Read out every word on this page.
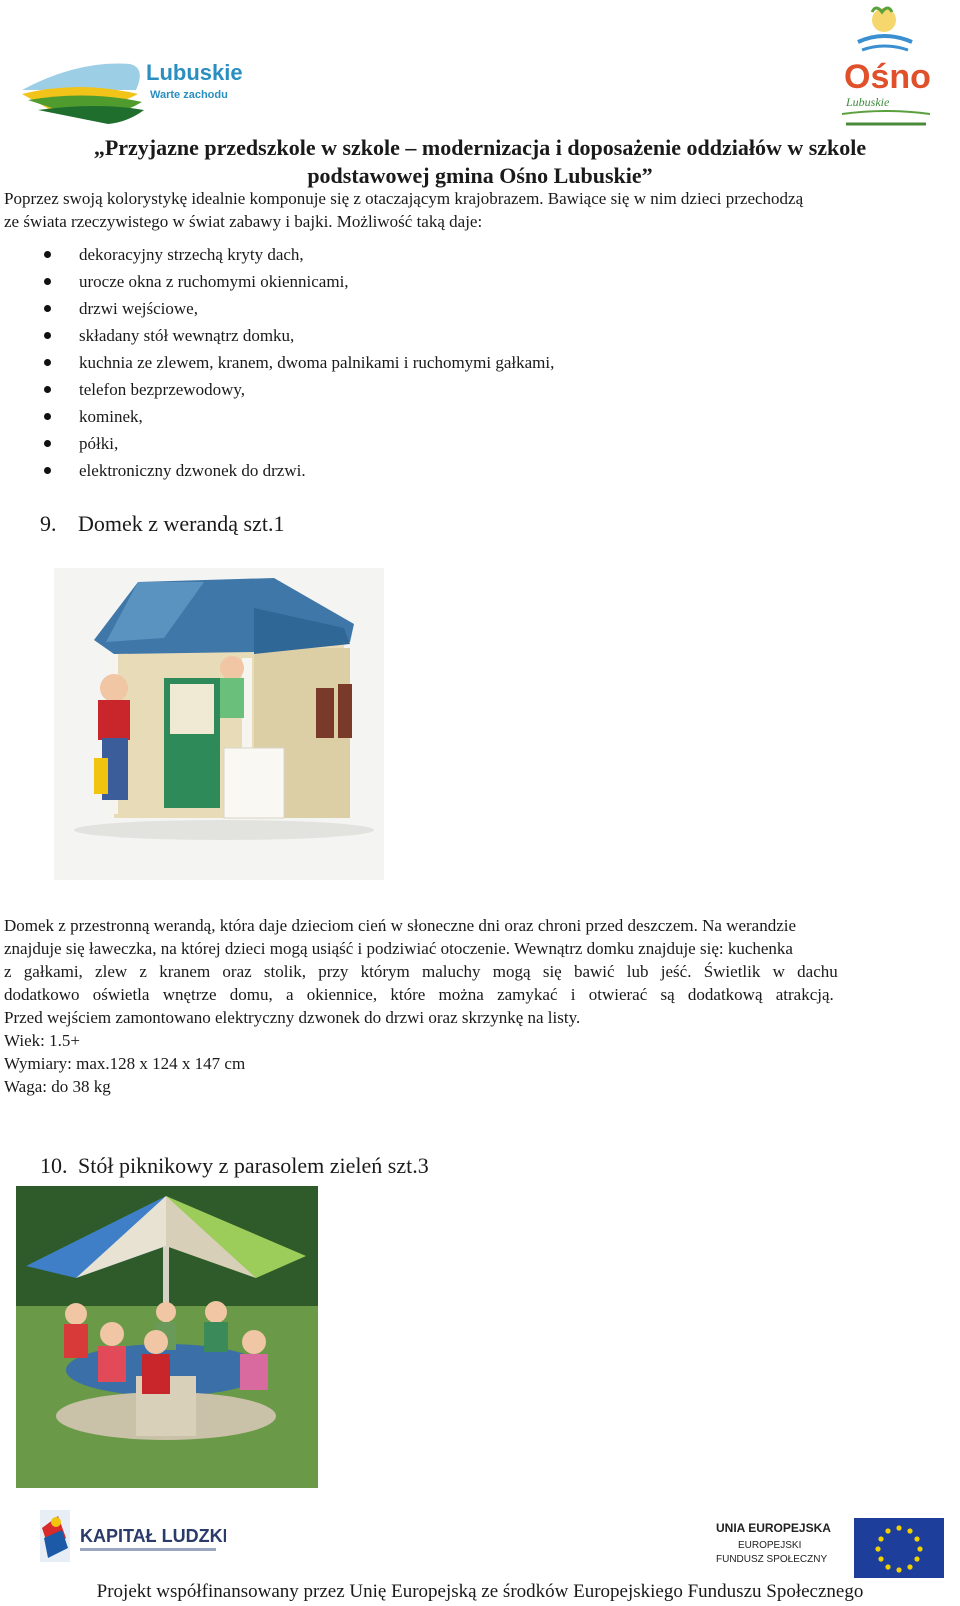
Lubuskie
Warte zachodu	Ośno
Lubuskie
„Przyjazne przedszkole w szkole – modernizacja i doposażenie oddziałów w szkole
podstawowej gmina Ośno Lubuskie”
Poprzez swoją kolorystykę idealnie komponuje się z otaczającym krajobrazem. Bawiące się w nim dzieci przechodzą
ze świata rzeczywistego w świat zabawy i bajki. Możliwość taką daje:
dekoracyjny strzechą kryty dach,
urocze okna z ruchomymi okiennicami,
drzwi wejściowe,
składany stół wewnątrz domku,
kuchnia ze zlewem, kranem, dwoma palnikami i ruchomymi gałkami,
telefon bezprzewodowy,
kominek,
półki,
elektroniczny dzwonek do drzwi.
9. Domek z werandą szt.1
Domek z przestronną werandą, która daje dzieciom cień w słoneczne dni oraz chroni przed deszczem. Na werandzie
znajduje się ławeczka, na której dzieci mogą usiąść i podziwiać otoczenie. Wewnątrz domku znajduje się: kuchenka
z gałkami, zlew z kranem oraz stolik, przy którym maluchy mogą się bawić lub jeść. Świetlik w dachu
dodatkowo oświetla wnętrze domu, a okiennice, które można zamykać i otwierać są dodatkową atrakcją.
Przed wejściem zamontowano elektryczny dzwonek do drzwi oraz skrzynkę na listy.
Wiek: 1.5+
Wymiary: max.128 x 124 x 147 cm
Waga: do 38 kg
10. Stół piknikowy z parasolem zieleń szt.3
KAPITAŁ LUDZKI	UNIA EUROPEJSKA
EUROPEJSKI
FUNDUSZ SPOŁECZNY
Projekt współfinansowany przez Unię Europejską ze środków Europejskiego Funduszu Społecznego
